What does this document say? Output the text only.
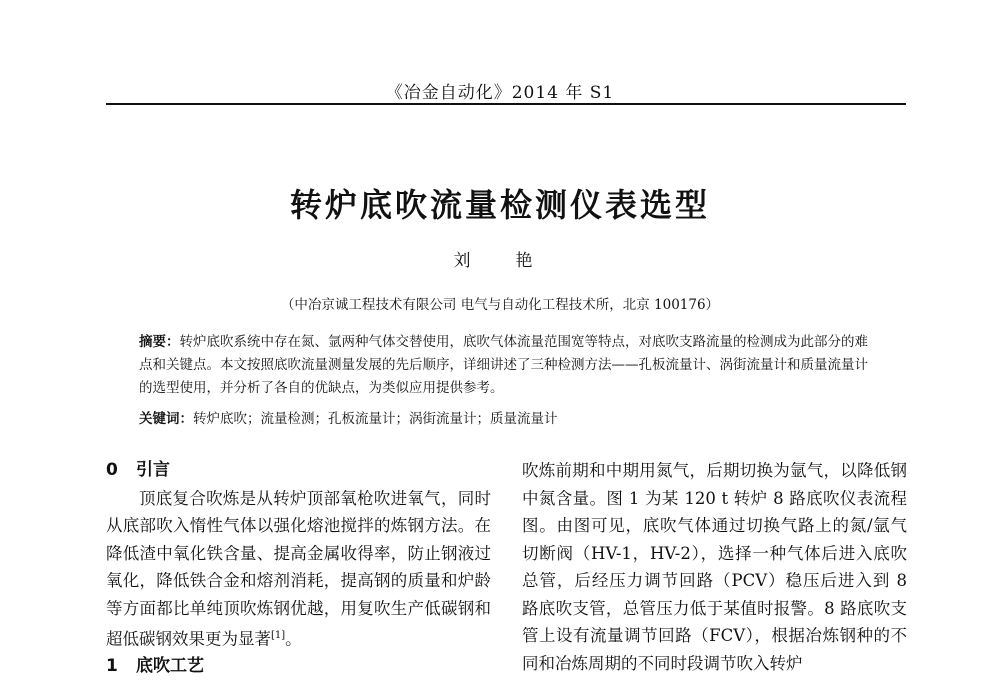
《冶金自动化》2014 年 S1
转炉底吹流量检测仪表选型
刘　艳
（中冶京诚工程技术有限公司 电气与自动化工程技术所，北京 100176）
摘要：转炉底吹系统中存在氮、氩两种气体交替使用，底吹气体流量范围宽等特点，对底吹支路流量的检测成为此部分的难点和关键点。本文按照底吹流量测量发展的先后顺序，详细讲述了三种检测方法——孔板流量计、涡街流量计和质量流量计的选型使用，并分析了各自的优缺点，为类似应用提供参考。
关键词：转炉底吹；流量检测；孔板流量计；涡街流量计；质量流量计
0 引言
顶底复合吹炼是从转炉顶部氧枪吹进氧气，同时从底部吹入惰性气体以强化熔池搅拌的炼钢方法。在降低渣中氧化铁含量、提高金属收得率，防止钢液过氧化，降低铁合金和熔剂消耗，提高钢的质量和炉龄等方面都比单纯顶吹炼钢优越，用复吹生产低碳钢和超低碳钢效果更为显著[1]。
1 底吹工艺
吹炼前期和中期用氮气，后期切换为氩气，以降低钢中氮含量。图 1 为某 120 t 转炉 8 路底吹仪表流程图。由图可见，底吹气体通过切换气路上的氮/氩气切断阀（HV-1，HV-2），选择一种气体后进入底吹总管，后经压力调节回路（PCV）稳压后进入到 8 路底吹支管，总管压力低于某值时报警。8 路底吹支管上设有流量调节回路（FCV），根据冶炼钢种的不同和冶炼周期的不同时段调节吹入转炉
